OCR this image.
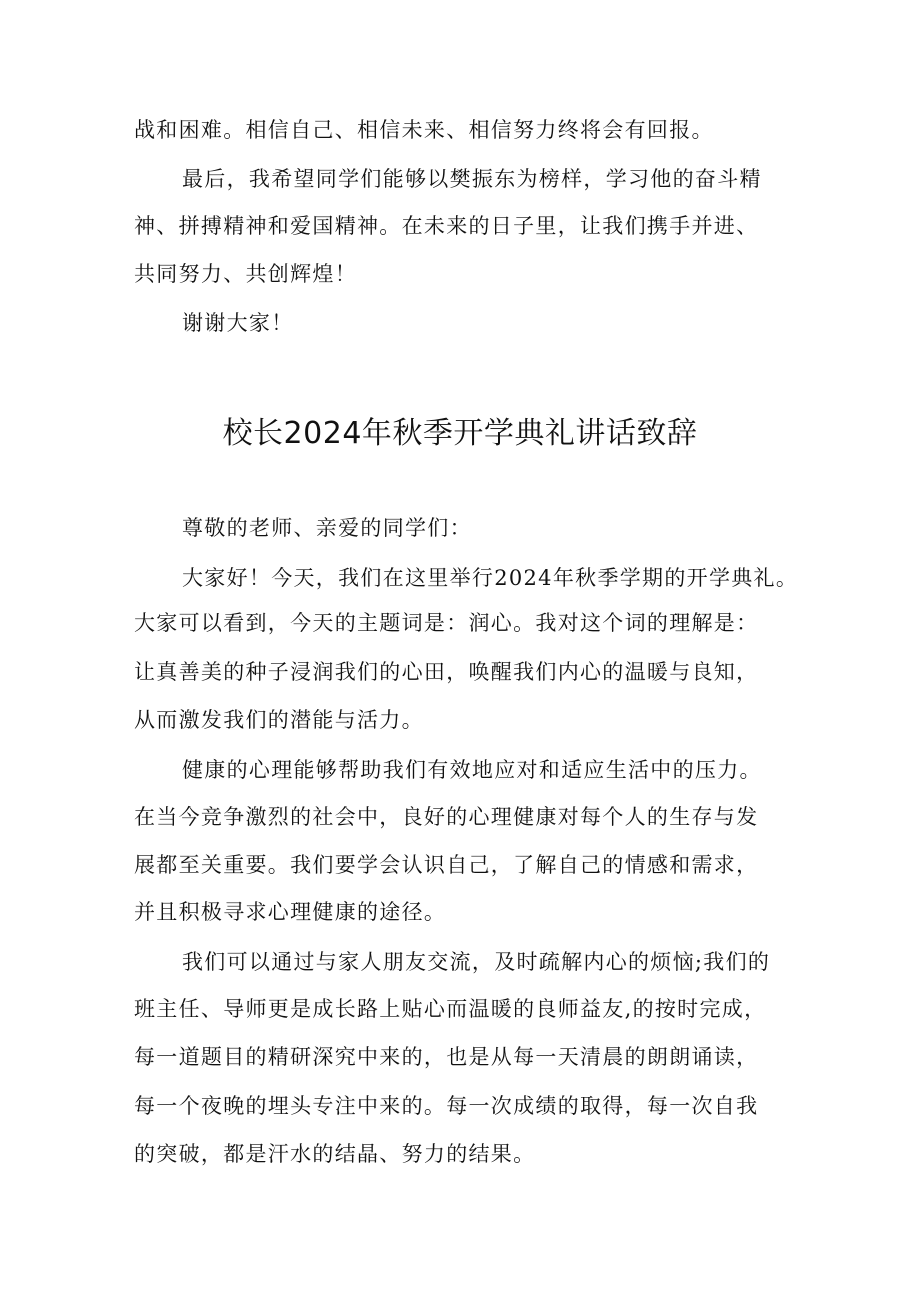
战和困难。相信自己、相信未来、相信努力终将会有回报。
最后，我希望同学们能够以樊振东为榜样，学习他的奋斗精
神、拼搏精神和爱国精神。在未来的日子里，让我们携手并进、
共同努力、共创辉煌！
谢谢大家！
校长2024年秋季开学典礼讲话致辞
尊敬的老师、亲爱的同学们：
大家好！今天，我们在这里举行2024年秋季学期的开学典礼。
大家可以看到，今天的主题词是：润心。我对这个词的理解是：
让真善美的种子浸润我们的心田，唤醒我们内心的温暖与良知，
从而激发我们的潜能与活力。
健康的心理能够帮助我们有效地应对和适应生活中的压力。
在当今竞争激烈的社会中，良好的心理健康对每个人的生存与发
展都至关重要。我们要学会认识自己，了解自己的情感和需求，
并且积极寻求心理健康的途径。
我们可以通过与家人朋友交流，及时疏解内心的烦恼;我们的
班主任、导师更是成长路上贴心而温暖的良师益友,的按时完成，
每一道题目的精研深究中来的，也是从每一天清晨的朗朗诵读，
每一个夜晚的埋头专注中来的。每一次成绩的取得，每一次自我
的突破，都是汗水的结晶、努力的结果。
